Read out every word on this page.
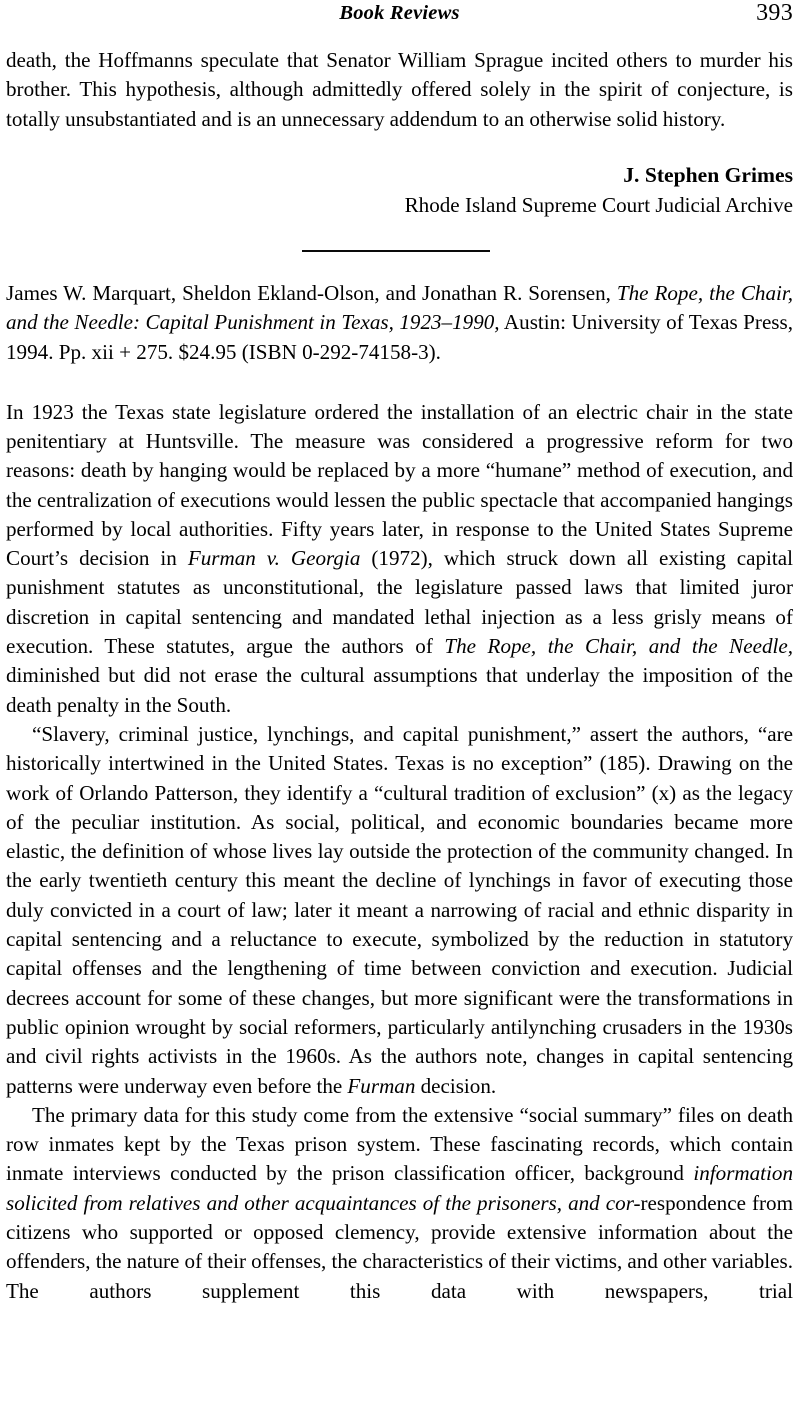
Book Reviews	393
death, the Hoffmanns speculate that Senator William Sprague incited others to murder his brother. This hypothesis, although admittedly offered solely in the spirit of conjecture, is totally unsubstantiated and is an unnecessary addendum to an otherwise solid history.
J. Stephen Grimes
Rhode Island Supreme Court Judicial Archive
James W. Marquart, Sheldon Ekland-Olson, and Jonathan R. Sorensen, The Rope, the Chair, and the Needle: Capital Punishment in Texas, 1923–1990, Austin: University of Texas Press, 1994. Pp. xii + 275. $24.95 (ISBN 0-292-74158-3).

In 1923 the Texas state legislature ordered the installation of an electric chair in the state penitentiary at Huntsville. The measure was considered a progressive reform for two reasons: death by hanging would be replaced by a more “humane” method of execution, and the centralization of executions would lessen the public spectacle that accompanied hangings performed by local authorities. Fifty years later, in response to the United States Supreme Court’s decision in Furman v. Georgia (1972), which struck down all existing capital punishment statutes as unconstitutional, the legislature passed laws that limited juror discretion in capital sentencing and mandated lethal injection as a less grisly means of execution. These statutes, argue the authors of The Rope, the Chair, and the Needle, diminished but did not erase the cultural assumptions that underlay the imposition of the death penalty in the South.

“Slavery, criminal justice, lynchings, and capital punishment,” assert the authors, “are historically intertwined in the United States. Texas is no exception” (185). Drawing on the work of Orlando Patterson, they identify a “cultural tradition of exclusion” (x) as the legacy of the peculiar institution. As social, political, and economic boundaries became more elastic, the definition of whose lives lay outside the protection of the community changed. In the early twentieth century this meant the decline of lynchings in favor of executing those duly convicted in a court of law; later it meant a narrowing of racial and ethnic disparity in capital sentencing and a reluctance to execute, symbolized by the reduction in statutory capital offenses and the lengthening of time between conviction and execution. Judicial decrees account for some of these changes, but more significant were the transformations in public opinion wrought by social reformers, particularly antilynching crusaders in the 1930s and civil rights activists in the 1960s. As the authors note, changes in capital sentencing patterns were underway even before the Furman decision.

The primary data for this study come from the extensive “social summary” files on death row inmates kept by the Texas prison system. These fascinating records, which contain inmate interviews conducted by the prison classification officer, background information solicited from relatives and other acquaintances of the prisoners, and cor-respondence from citizens who supported or opposed clemency, provide extensive information about the offenders, the nature of their offenses, the characteristics of their victims, and other variables. The authors supplement this data with newspapers, trial
